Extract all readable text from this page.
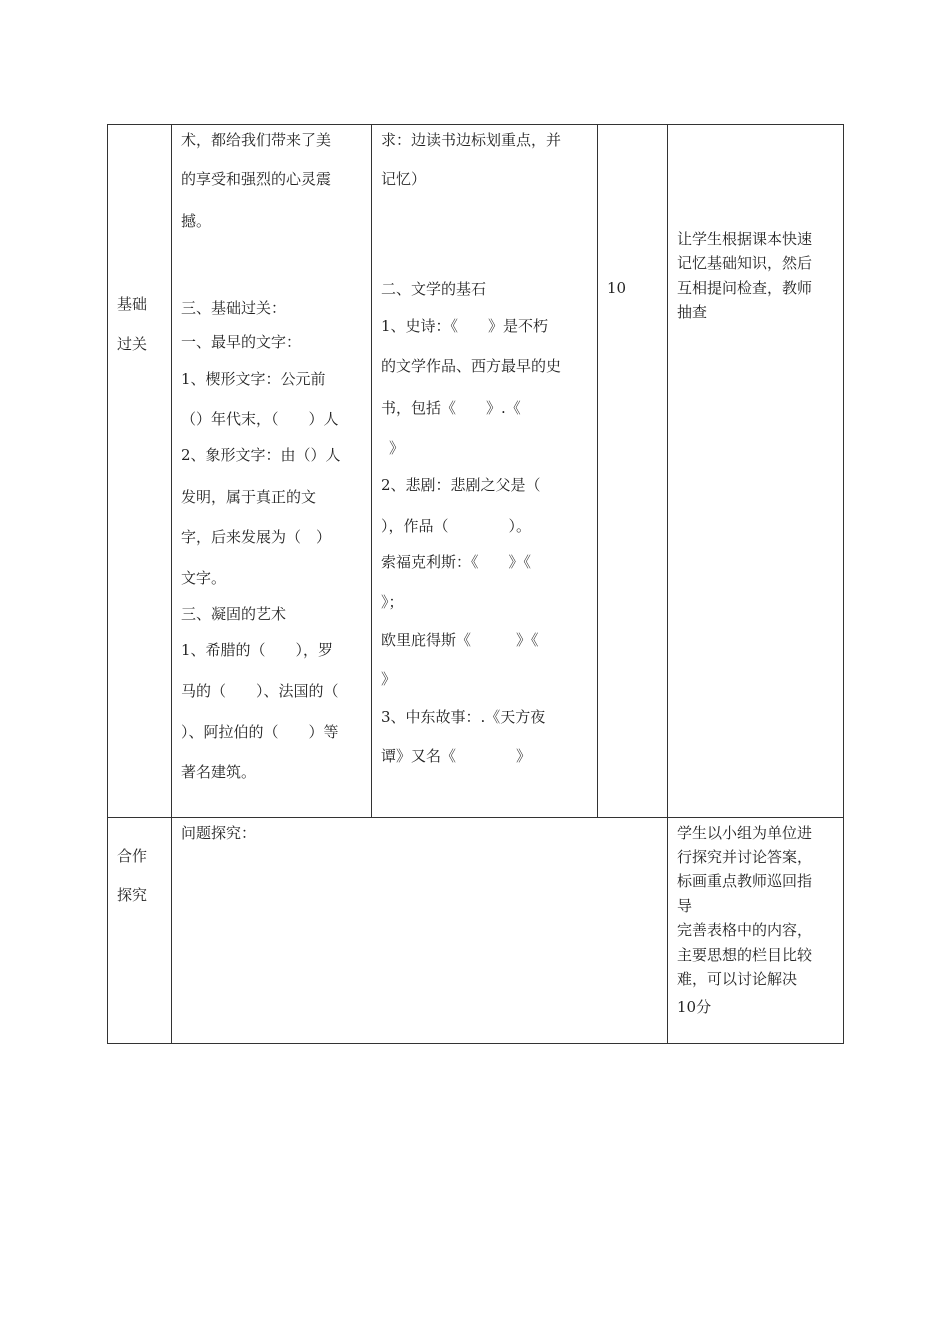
基础
过关
术，都给我们带来了美
的享受和强烈的心灵震
撼。
三、基础过关：
一、最早的文字：
1、楔形文字：公元前
（）年代末，（　　）人
2、象形文字：由（）人
发明，属于真正的文
字，后来发展为（　）
文字。
三、凝固的艺术
1、希腊的（　　），罗
马的（　　）、法国的（
）、阿拉伯的（　　）等
著名建筑。
求：边读书边标划重点，并
记忆）
二、文学的基石
1、史诗：《　　》是不朽
的文学作品、西方最早的史
书，包括《　　》.《
》
2、悲剧：悲剧之父是（
），作品（　　　　）。
索福克利斯：《　　》《
》；
欧里庇得斯《　　　》《
》
3、中东故事：.《天方夜
谭》又名《　　　　》
10
让学生根据课本快速
记忆基础知识，然后
互相提问检查，教师
抽查
合作
探究
问题探究：	学生以小组为单位进
行探究并讨论答案，
标画重点教师巡回指
导
完善表格中的内容，
主要思想的栏目比较
难，可以讨论解决
10分
